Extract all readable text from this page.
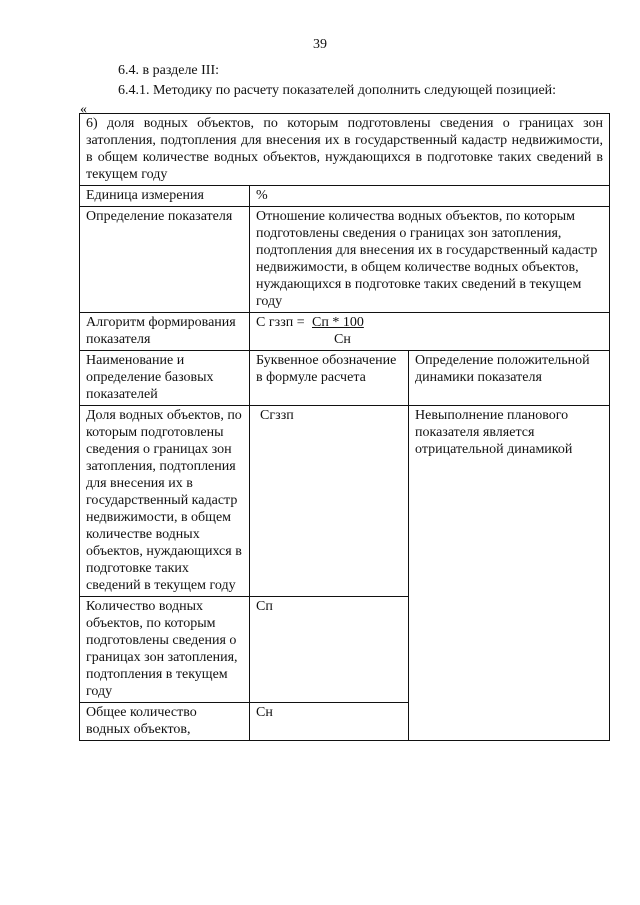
39
6.4. в разделе III:
6.4.1. Методику по расчету показателей дополнить следующей позицией:
«
6) доля водных объектов, по которым подготовлены сведения о границах зон затопления, подтопления для внесения их в государственный кадастр недвижимости, в общем количестве водных объектов, нуждающихся в подготовке таких сведений в текущем году		
Единица измерения	%	
Определение показателя	Отношение количества водных объектов, по которым подготовлены сведения о границах зон затопления, подтопления для внесения их в государственный кадастр недвижимости, в общем количестве водных объектов, нуждающихся в подготовке таких сведений в текущем году	
Алгоритм формирования показателя	С гззп = Сп * 100
Сн	

Наименование и определение базовых показателей	Буквенное обозначение в формуле расчета	Определение положительной динамики показателя
Доля водных объектов, по которым подготовлены сведения о границах зон затопления, подтопления для внесения их в государственный кадастр недвижимости, в общем количестве водных объектов, нуждающихся в подготовке таких сведений в текущем году	Сгззп	Невыполнение планового показателя является отрицательной динамикой
Количество водных объектов, по которым подготовлены сведения о границах зон затопления, подтопления в текущем году	Сп	
Общее количество водных объектов,	Сн	
